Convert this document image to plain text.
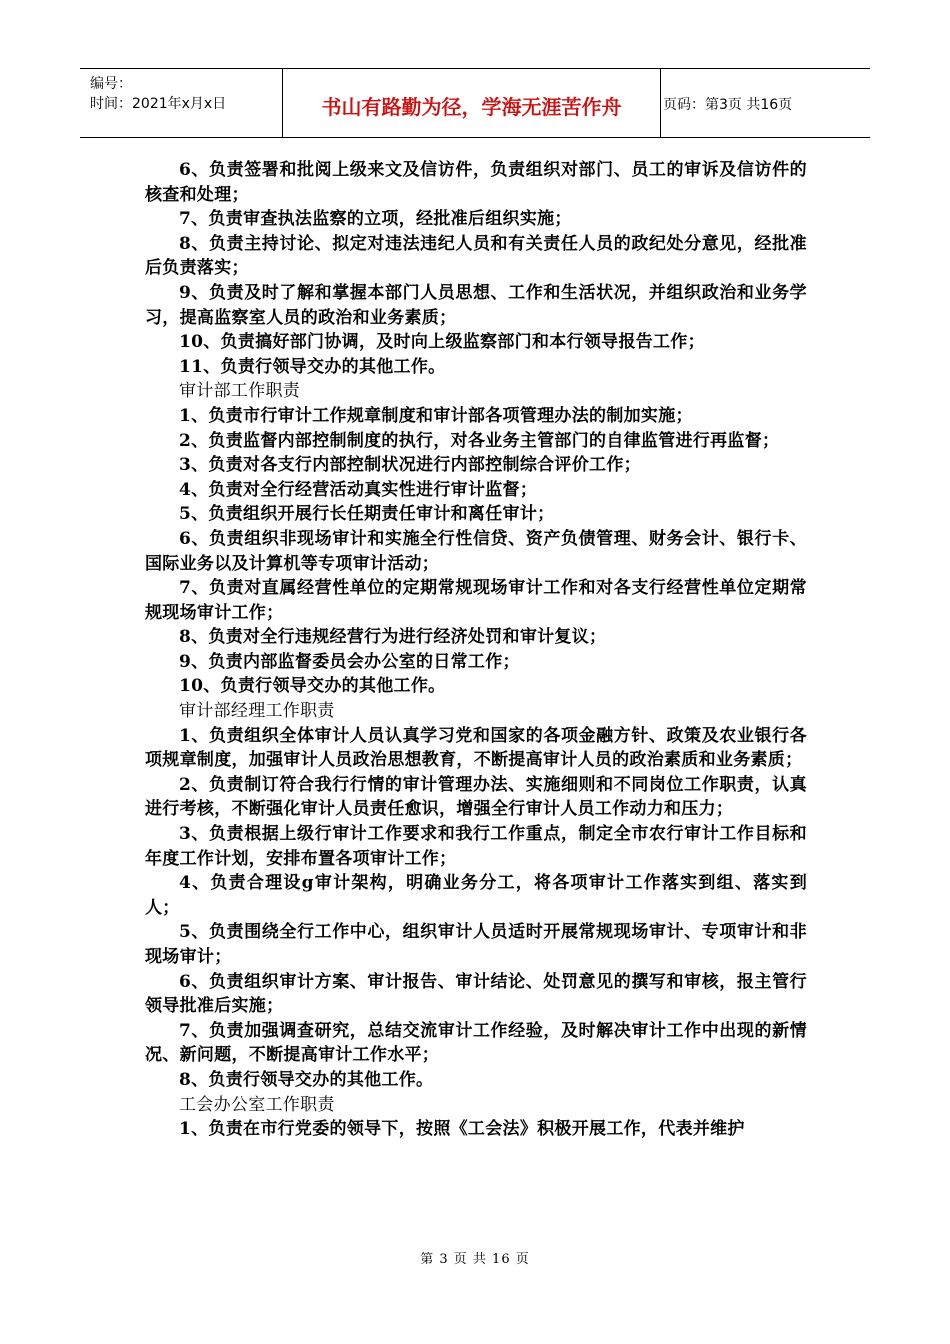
编号：
时间：2021年x月x日	书山有路勤为径，学海无涯苦作舟	页码：第3页 共16页

6、负责签署和批阅上级来文及信访件，负责组织对部门、员工的审诉及信访件的核查和处理；

7、负责审查执法监察的立项，经批准后组织实施；

8、负责主持讨论、拟定对违法违纪人员和有关责任人员的政纪处分意见，经批准后负责落实；

9、负责及时了解和掌握本部门人员思想、工作和生活状况，并组织政治和业务学习，提高监察室人员的政治和业务素质；

10、负责搞好部门协调，及时向上级监察部门和本行领导报告工作；

11、负责行领导交办的其他工作。

审计部工作职责

1、负责市行审计工作规章制度和审计部各项管理办法的制加实施；

2、负责监督内部控制制度的执行，对各业务主管部门的自律监管进行再监督；

3、负责对各支行内部控制状况进行内部控制综合评价工作；

4、负责对全行经营活动真实性进行审计监督；

5、负责组织开展行长任期责任审计和离任审计；

6、负责组织非现场审计和实施全行性信贷、资产负债管理、财务会计、银行卡、国际业务以及计算机等专项审计活动；

7、负责对直属经营性单位的定期常规现场审计工作和对各支行经营性单位定期常规现场审计工作；

8、负责对全行违规经营行为进行经济处罚和审计复议；

9、负责内部监督委员会办公室的日常工作；

10、负责行领导交办的其他工作。

审计部经理工作职责

1、负责组织全体审计人员认真学习党和国家的各项金融方针、政策及农业银行各项规章制度，加强审计人员政治思想教育，不断提高审计人员的政治素质和业务素质；

2、负责制订符合我行行情的审计管理办法、实施细则和不同岗位工作职责，认真进行考核，不断强化审计人员责任愈识，增强全行审计人员工作动力和压力；

3、负责根据上级行审计工作要求和我行工作重点，制定全市农行审计工作目标和年度工作计划，安排布置各项审计工作；

4、负责合理设g审计架构，明确业务分工，将各项审计工作落实到组、落实到人；

5、负责围绕全行工作中心，组织审计人员适时开展常规现场审计、专项审计和非现场审计；

6、负责组织审计方案、审计报告、审计结论、处罚意见的撰写和审核，报主管行领导批准后实施；

7、负责加强调查研究，总结交流审计工作经验，及时解决审计工作中出现的新情况、新问题，不断提高审计工作水平；

8、负责行领导交办的其他工作。

工会办公室工作职责

1、负责在市行党委的领导下，按照《工会法》积极开展工作，代表并维护

第 3 页 共 16 页
